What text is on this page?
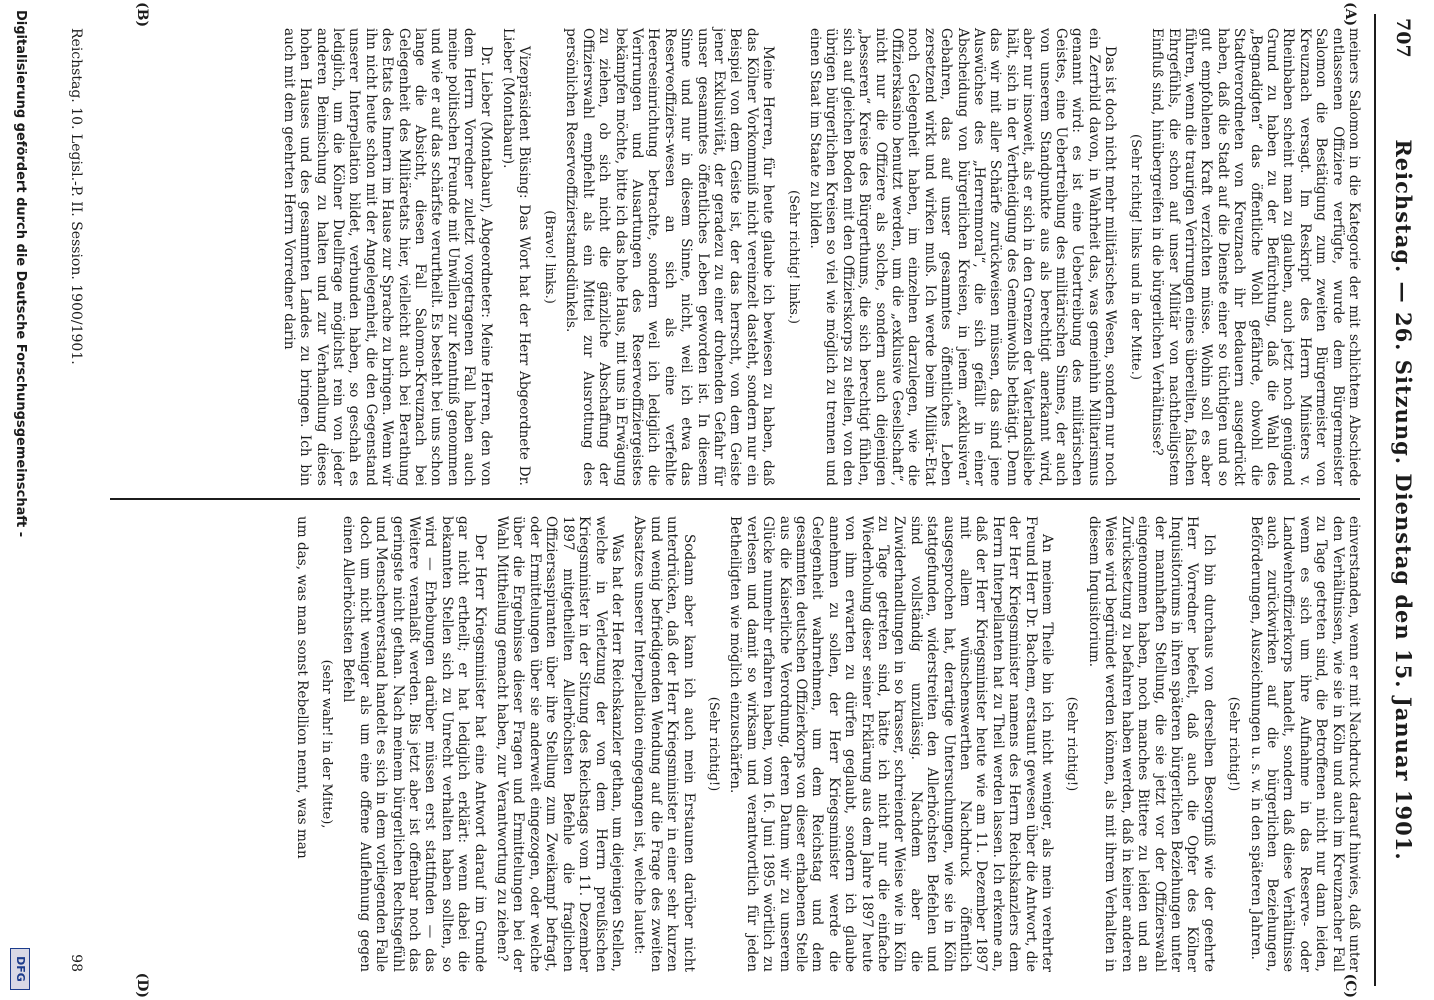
707
Reichstag. — 26. Sitzung. Dienstag den 15. Januar 1901.
(A)
(B)
(C)
(D)

meiners Salomon in die Kategorie der mit schlichtem Abschiede entlassenen Offiziere verfügte, wurde dem Bürgermeister Salomon die Bestätigung zum zweiten Bürgermeister von Kreuznach versagt. Im Reskript des Herrn Ministers v. Rheinbaben scheint man zu glauben, auch jetzt noch genügend Grund zu haben zu der Befürchtung, daß die Wahl des „Begnadigten“ das öffentliche Wohl gefährde, obwohl die Stadtverordneten von Kreuznach ihr Bedauern ausgedrückt haben, daß die Stadt auf die Dienste einer so tüchtigen und so gut empfohlenen Kraft verzichten müsse. Wohin soll es aber führen, wenn die traurigen Verirrungen eines übereilten, falschen Ehrgefühls, die schon auf unser Militär von nachtheiligstem Einfluß sind, hinübergreifen in die bürgerlichen Verhältnisse?

(Sehr richtig! links und in der Mitte.)

Das ist doch nicht mehr militärisches Wesen, sondern nur noch ein Zerrbild davon, in Wahrheit das, was gemeinhin Militarismus genannt wird: es ist eine Uebertreibung des militärischen Geistes, eine Uebertreibung des militärischen Sinnes, der auch von unserem Standpunkte aus als berechtigt anerkannt wird, aber nur insoweit, als er sich in den Grenzen der Vaterlandsliebe hält, sich in der Vertheidigung des Gemeinwohls bethätigt. Denn das wir mit aller Schärfe zurückweisen müssen, das sind jene Auswüchse des „Herrenmoral“, die sich gefällt in einer Abscheidung von bürgerlichen Kreisen, in jenem „exklusiven“ Gebahren, das auf unser gesammtes öffentliches Leben zersetzend wirkt und wirken muß. Ich werde beim Militär-Etat noch Gelegenheit haben, im einzelnen darzulegen, wie die Offizierskasino benutzt werden, um die „exklusive Gesellschaft“, nicht nur die Offiziere als solche, sondern auch diejenigen „besseren“ Kreise des Bürgerthums, die sich berechtigt fühlen, sich auf gleichen Boden mit den Offizierskorps zu stellen, von den übrigen bürgerlichen Kreisen so viel wie möglich zu trennen und einen Staat im Staate zu bilden.

(Sehr richtig! links.)

Meine Herren, für heute glaube ich bewiesen zu haben, daß das Kölner Vorkommniß nicht vereinzelt dasteht, sondern nur ein Beispiel von dem Geiste ist, der das herrscht, von dem Geiste jener Exklusivität, der geradezu zu einer drohenden Gefahr für unser gesammtes öffentliches Leben geworden ist. In diesem Sinne und nur in diesem Sinne, nicht, weil ich etwa das Reserveoffiziers-wesen an sich als eine verfehlte Heereseinrichtung betrachte, sondern weil ich lediglich die Verirrungen und Ausartungen des Reserveoffiziergeistes bekämpfen möchte, bitte ich das hohe Haus, mit uns in Erwägung zu ziehen, ob sich nicht die gänzliche Abschaffung der Offizierswahl empfiehlt als ein Mittel zur Ausrottung des persönlichen Reserveoffizierstamdsdünkels.

(Bravo! links.)

Vizepräsident Büsing: Das Wort hat der Herr Abgeordnete Dr. Lieber (Montabaur).

Dr. Lieber (Montabaur), Abgeordneter: Meine Herren, den von dem Herrn Vorredner zuletzt vorgetragenen Fall haben auch meine politischen Freunde mit Unwillen zur Kenntniß genommen und wie er auf das schärfste verurtheilt. Es besteht bei uns schon lange die Absicht, diesen Fall Salomon-Kreuznach bei Gelegenheit des Militäretats hier, vielleicht auch bei Berathung des Etats des Innern im Hause zur Sprache zu bringen. Wenn wir ihn nicht heute schon mit der Angelegenheit, die den Gegenstand unserer Interpellation bildet, verbunden haben, so geschah es lediglich, um die Kölner Duellfrage möglichst rein von jeder anderen Beimischung zu halten und zur Verhandlung dieses hohen Hauses und des gesammten Landes zu bringen. Ich bin auch mit dem geehrten Herrn Vorredner darin

einverstanden, wenn er mit Nachdruck darauf hinwies, daß unter den Verhältnissen, wie sie in Köln und auch im Kreuznacher Fall zu Tage getreten sind, die Betroffenen nicht nur dann leiden, wenn es sich um ihre Aufnahme in das Reserve- oder Landwehroffizierkorps handelt, sondern daß diese Verhältnisse auch zurückwirken auf die bürgerlichen Beziehungen, Beförderungen, Auszeichnungen u. s. w. in den späteren Jahren.

(Sehr richtig!)

Ich bin durchaus von derselben Besorgniß wie der geehrte Herr Vorredner befeelt, daß auch die Opfer des Kölner Inquisitoriums in ihren späteren bürgerlichen Beziehungen unter der mannhaften Stellung, die sie jetzt vor der Offizierswahl eingenommen haben, noch manches Bittere zu leiden und an Zurücksetzung zu befahren haben werden, daß in keiner anderen Weise wird begründet werden können, als mit ihrem Verhalten in diesem Inquisitorium.

(Sehr richtig!)

An meinem Theile bin ich nicht weniger, als mein verehrter Freund Herr Dr. Bachem, erstaunt gewesen über die Antwort, die der Herr Kriegsminister namens des Herrn Reichskanzlers dem Herrn Interpellanten hat zu Theil werden lassen. Ich erkenne an, daß der Herr Kriegsminister heute wie am 11. Dezember 1897 mit allem wünschenswerthen Nachdruck öffentlich ausgesprochen hat, derartige Untersuchungen, wie sie in Köln stattgefunden, widerstreiten den Allerhöchsten Befehlen und sind vollständig unzulässig. Nachdem aber die Zuwiderhandlungen in so krasser, schreiender Weise wie in Köln zu Tage getreten sind, hätte ich nicht nur die einfache Wiederholung dieser seiner Erklärung aus dem Jahre 1897 heute von ihm erwarten zu dürfen geglaubt, sondern ich glaube annehmen zu sollen, der Herr Kriegsminister werde die Gelegenheit wahrnehmen, um dem Reichstag und dem gesammten deutschen Offizierkorps von dieser erhabenen Stelle aus die Kaiserliche Verordnung, deren Datum wir zu unserem Glücke nunmehr erfahren haben, vom 16. Juni 1895 wörtlich zu verlesen und damit so wirksam und verantwortlich für jeden Betheiligten wie möglich einzuschärfen.

(Sehr richtig!)

Sodann aber kann ich auch mein Erstaunen darüber nicht unterdrücken, daß der Herr Kriegsminister in einer sehr kurzen und wenig befriedigenden Wendung auf die Frage des zweiten Absatzes unserer Interpellation eingegangen ist, welche lautet:

Was hat der Herr Reichskanzler gethan, um diejenigen Stellen, welche in Verletzung der von dem Herrn preußischen Kriegsminister in der Sitzung des Reichstags vom 11. Dezember 1897 mitgetheilten Allerhöchsten Befehle die fraglichen Offiziersaspiranten über ihre Stellung zum Zweikampf befragt, oder Ermittelungen über sie anderweit eingezogen, oder welche über die Ergebnisse dieser Fragen und Ermittelungen bei der Wahl Mittheilung gemacht haben, zur Verantwortung zu ziehen?

Der Herr Kriegsminister hat eine Antwort darauf im Grunde gar nicht ertheilt; er hat lediglich erklärt: wenn dabei die bekannten Stellen sich zu Unrecht verhalten haben sollten, so wird — Erhebungen darüber müssen erst stattfinden — das Weitere veranlaßt werden. Bis jetzt aber ist offenbar noch das geringste nicht gethan. Nach meinem bürgerlichen Rechtsgefühl und Menschenverstand handelt es sich in dem vorliegenden Falle doch um nicht weniger als um eine offene Auflehnung gegen einen Allerhöchsten Befehl

(sehr wahr! in der Mitte),

um das, was man sonst Rebellion nennt, was man

Reichstag. 10. Legisl.-P. II. Session. 1900/1901.
98
Digitalisierung gefördert durch die Deutsche Forschungsgemeinschaft -
DFG
